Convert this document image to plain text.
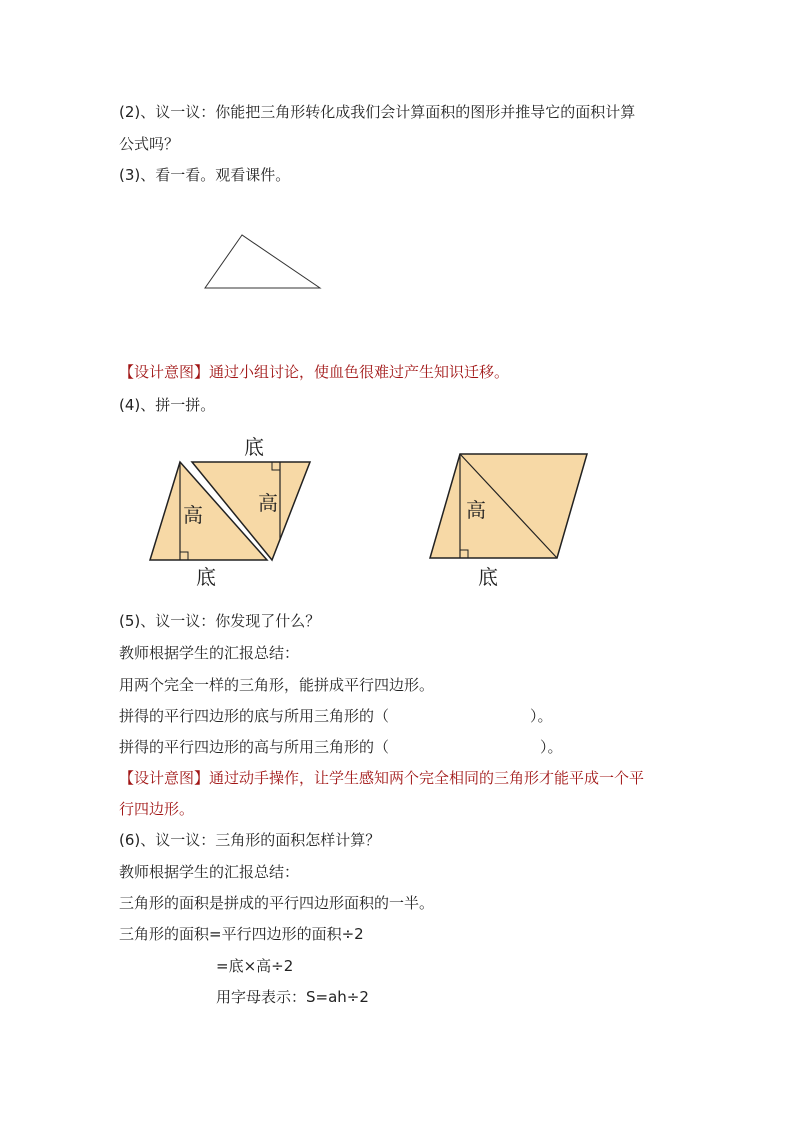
(2)、议一议：你能把三角形转化成我们会计算面积的图形并推导它的面积计算
公式吗？
(3)、看一看。观看课件。
【设计意图】通过小组讨论，使血色很难过产生知识迁移。
(4)、拼一拼。
底
高	高
底
高
底
(5)、议一议：你发现了什么？
教师根据学生的汇报总结：
用两个完全一样的三角形，能拼成平行四边形。
拼得的平行四边形的底与所用三角形的（	）。
拼得的平行四边形的高与所用三角形的（	）。
【设计意图】通过动手操作，让学生感知两个完全相同的三角形才能平成一个平
行四边形。
(6)、议一议：三角形的面积怎样计算？
教师根据学生的汇报总结：
三角形的面积是拼成的平行四边形面积的一半。
三角形的面积=平行四边形的面积÷2
=底×高÷2
用字母表示：S=ah÷2
